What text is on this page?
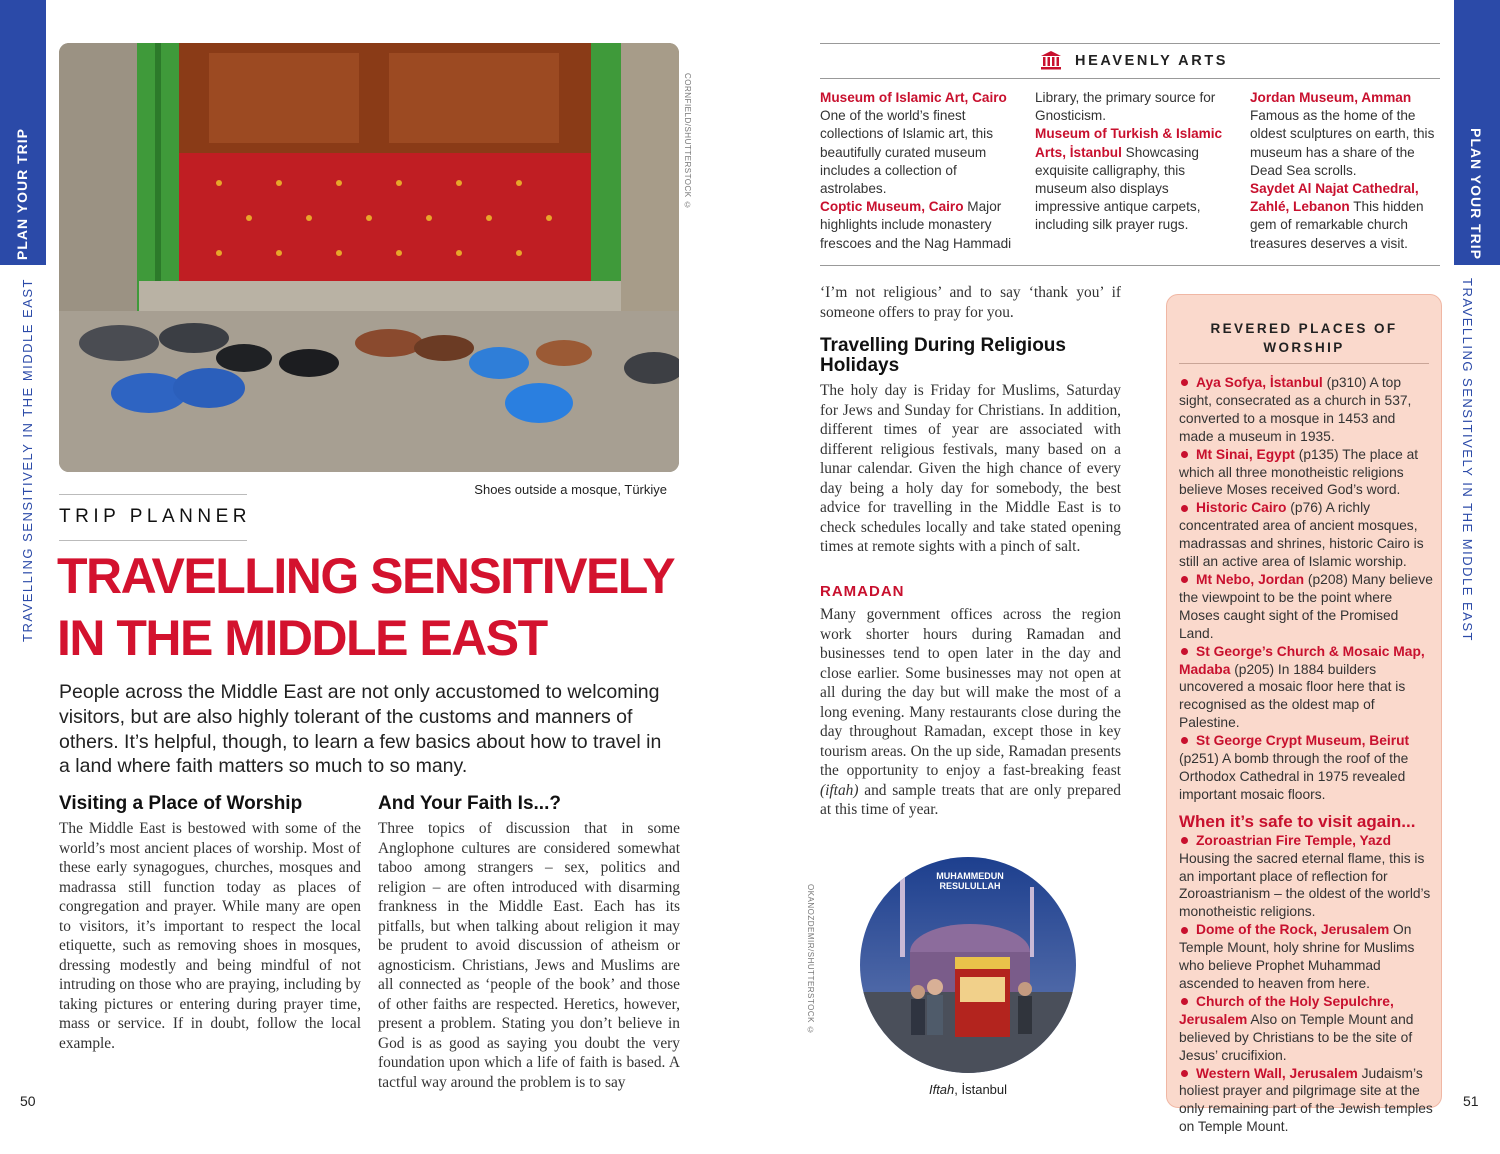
PLAN YOUR TRIP
TRAVELLING SENSITIVELY IN THE MIDDLE EAST
PLAN YOUR TRIP
TRAVELLING SENSITIVELY IN THE MIDDLE EAST
CORNFIELD/SHUTTERSTOCK ©
Shoes outside a mosque, Türkiye
TRIP PLANNER
TRAVELLING SENSITIVELY
IN THE MIDDLE EAST
People across the Middle East are not only accustomed to welcoming visitors, but are also highly tolerant of the customs and manners of others. It’s helpful, though, to learn a few basics about how to travel in a land where faith matters so much to so many.
Visiting a Place of Worship
The Middle East is bestowed with some of the world’s most ancient places of worship. Most of these early synagogues, churches, mosques and madrassa still function today as places of congregation and prayer. While many are open to visitors, it’s important to respect the local etiquette, such as removing shoes in mosques, dressing modestly and being mindful of not intruding on those who are praying, including by taking pictures or entering during prayer time, mass or service. If in doubt, follow the local example.
And Your Faith Is...?
Three topics of discussion that in some Anglophone cultures are considered somewhat taboo among strangers – sex, politics and religion – are often introduced with disarming frankness in the Middle East. Each has its pitfalls, but when talking about religion it may be prudent to avoid discussion of atheism or agnosticism. Christians, Jews and Muslims are all connected as ‘people of the book’ and those of other faiths are respected. Heretics, however, present a problem. Stating you don’t believe in God is as good as saying you doubt the very foundation upon which a life of faith is based. A tactful way around the problem is to say
50
HEAVENLY ARTS

Museum of Islamic Art, Cairo One of the world’s finest collections of Islamic art, this beautifully curated museum includes a collection of astrolabes.

Coptic Museum, Cairo Major highlights include monastery frescoes and the Nag Hammadi

Library, the primary source for Gnosticism.

Museum of Turkish & Islamic Arts, İstanbul Showcasing exquisite calligraphy, this museum also displays impressive antique carpets, including silk prayer rugs.

Jordan Museum, Amman Famous as the home of the oldest sculptures on earth, this museum has a share of the Dead Sea scrolls.

Saydet Al Najat Cathedral, Zahlé, Lebanon This hidden gem of remarkable church treasures deserves a visit.

‘I’m not religious’ and to say ‘thank you’ if someone offers to pray for you.
Travelling During Religious Holidays
The holy day is Friday for Muslims, Saturday for Jews and Sunday for Christians. In addition, different times of year are associated with different religious festivals, many based on a lunar calendar. Given the high chance of every day being a holy day for somebody, the best advice for travelling in the Middle East is to check schedules locally and take stated opening times at remote sights with a pinch of salt.
RAMADAN
Many government offices across the region work shorter hours during Ramadan and businesses tend to open later in the day and close earlier. Some businesses may not open at all during the day but will make the most of a long evening. Many restaurants close during the day throughout Ramadan, except those in key tourism areas. On the up side, Ramadan presents the opportunity to enjoy a fast-breaking feast (iftah) and sample treats that are only prepared at this time of year.
MUHAMMEDUN RESULULLAH
OKANOZDEMIR/SHUTTERSTOCK ©
Iftah, İstanbul
REVERED PLACES OF
WORSHIP

Aya Sofya, İstanbul (p310) A top sight, consecrated as a church in 537, converted to a mosque in 1453 and made a museum in 1935.

Mt Sinai, Egypt (p135) The place at which all three monotheistic religions believe Moses received God’s word.

Historic Cairo (p76) A richly concentrated area of ancient mosques, madrassas and shrines, historic Cairo is still an active area of Islamic worship.

Mt Nebo, Jordan (p208) Many believe the viewpoint to be the point where Moses caught sight of the Promised Land.

St George’s Church & Mosaic Map, Madaba (p205) In 1884 builders uncovered a mosaic floor here that is recognised as the oldest map of Palestine.

St George Crypt Museum, Beirut (p251) A bomb through the roof of the Orthodox Cathedral in 1975 revealed important mosaic floors.

When it’s safe to visit again...

Zoroastrian Fire Temple, Yazd Housing the sacred eternal flame, this is an important place of reflection for Zoroastrianism – the oldest of the world’s monotheistic religions.

Dome of the Rock, Jerusalem On Temple Mount, holy shrine for Muslims who believe Prophet Muhammad ascended to heaven from here.

Church of the Holy Sepulchre, Jerusalem Also on Temple Mount and believed by Christians to be the site of Jesus’ crucifixion.

Western Wall, Jerusalem Judaism’s holiest prayer and pilgrimage site at the only remaining part of the Jewish temples on Temple Mount.

51
